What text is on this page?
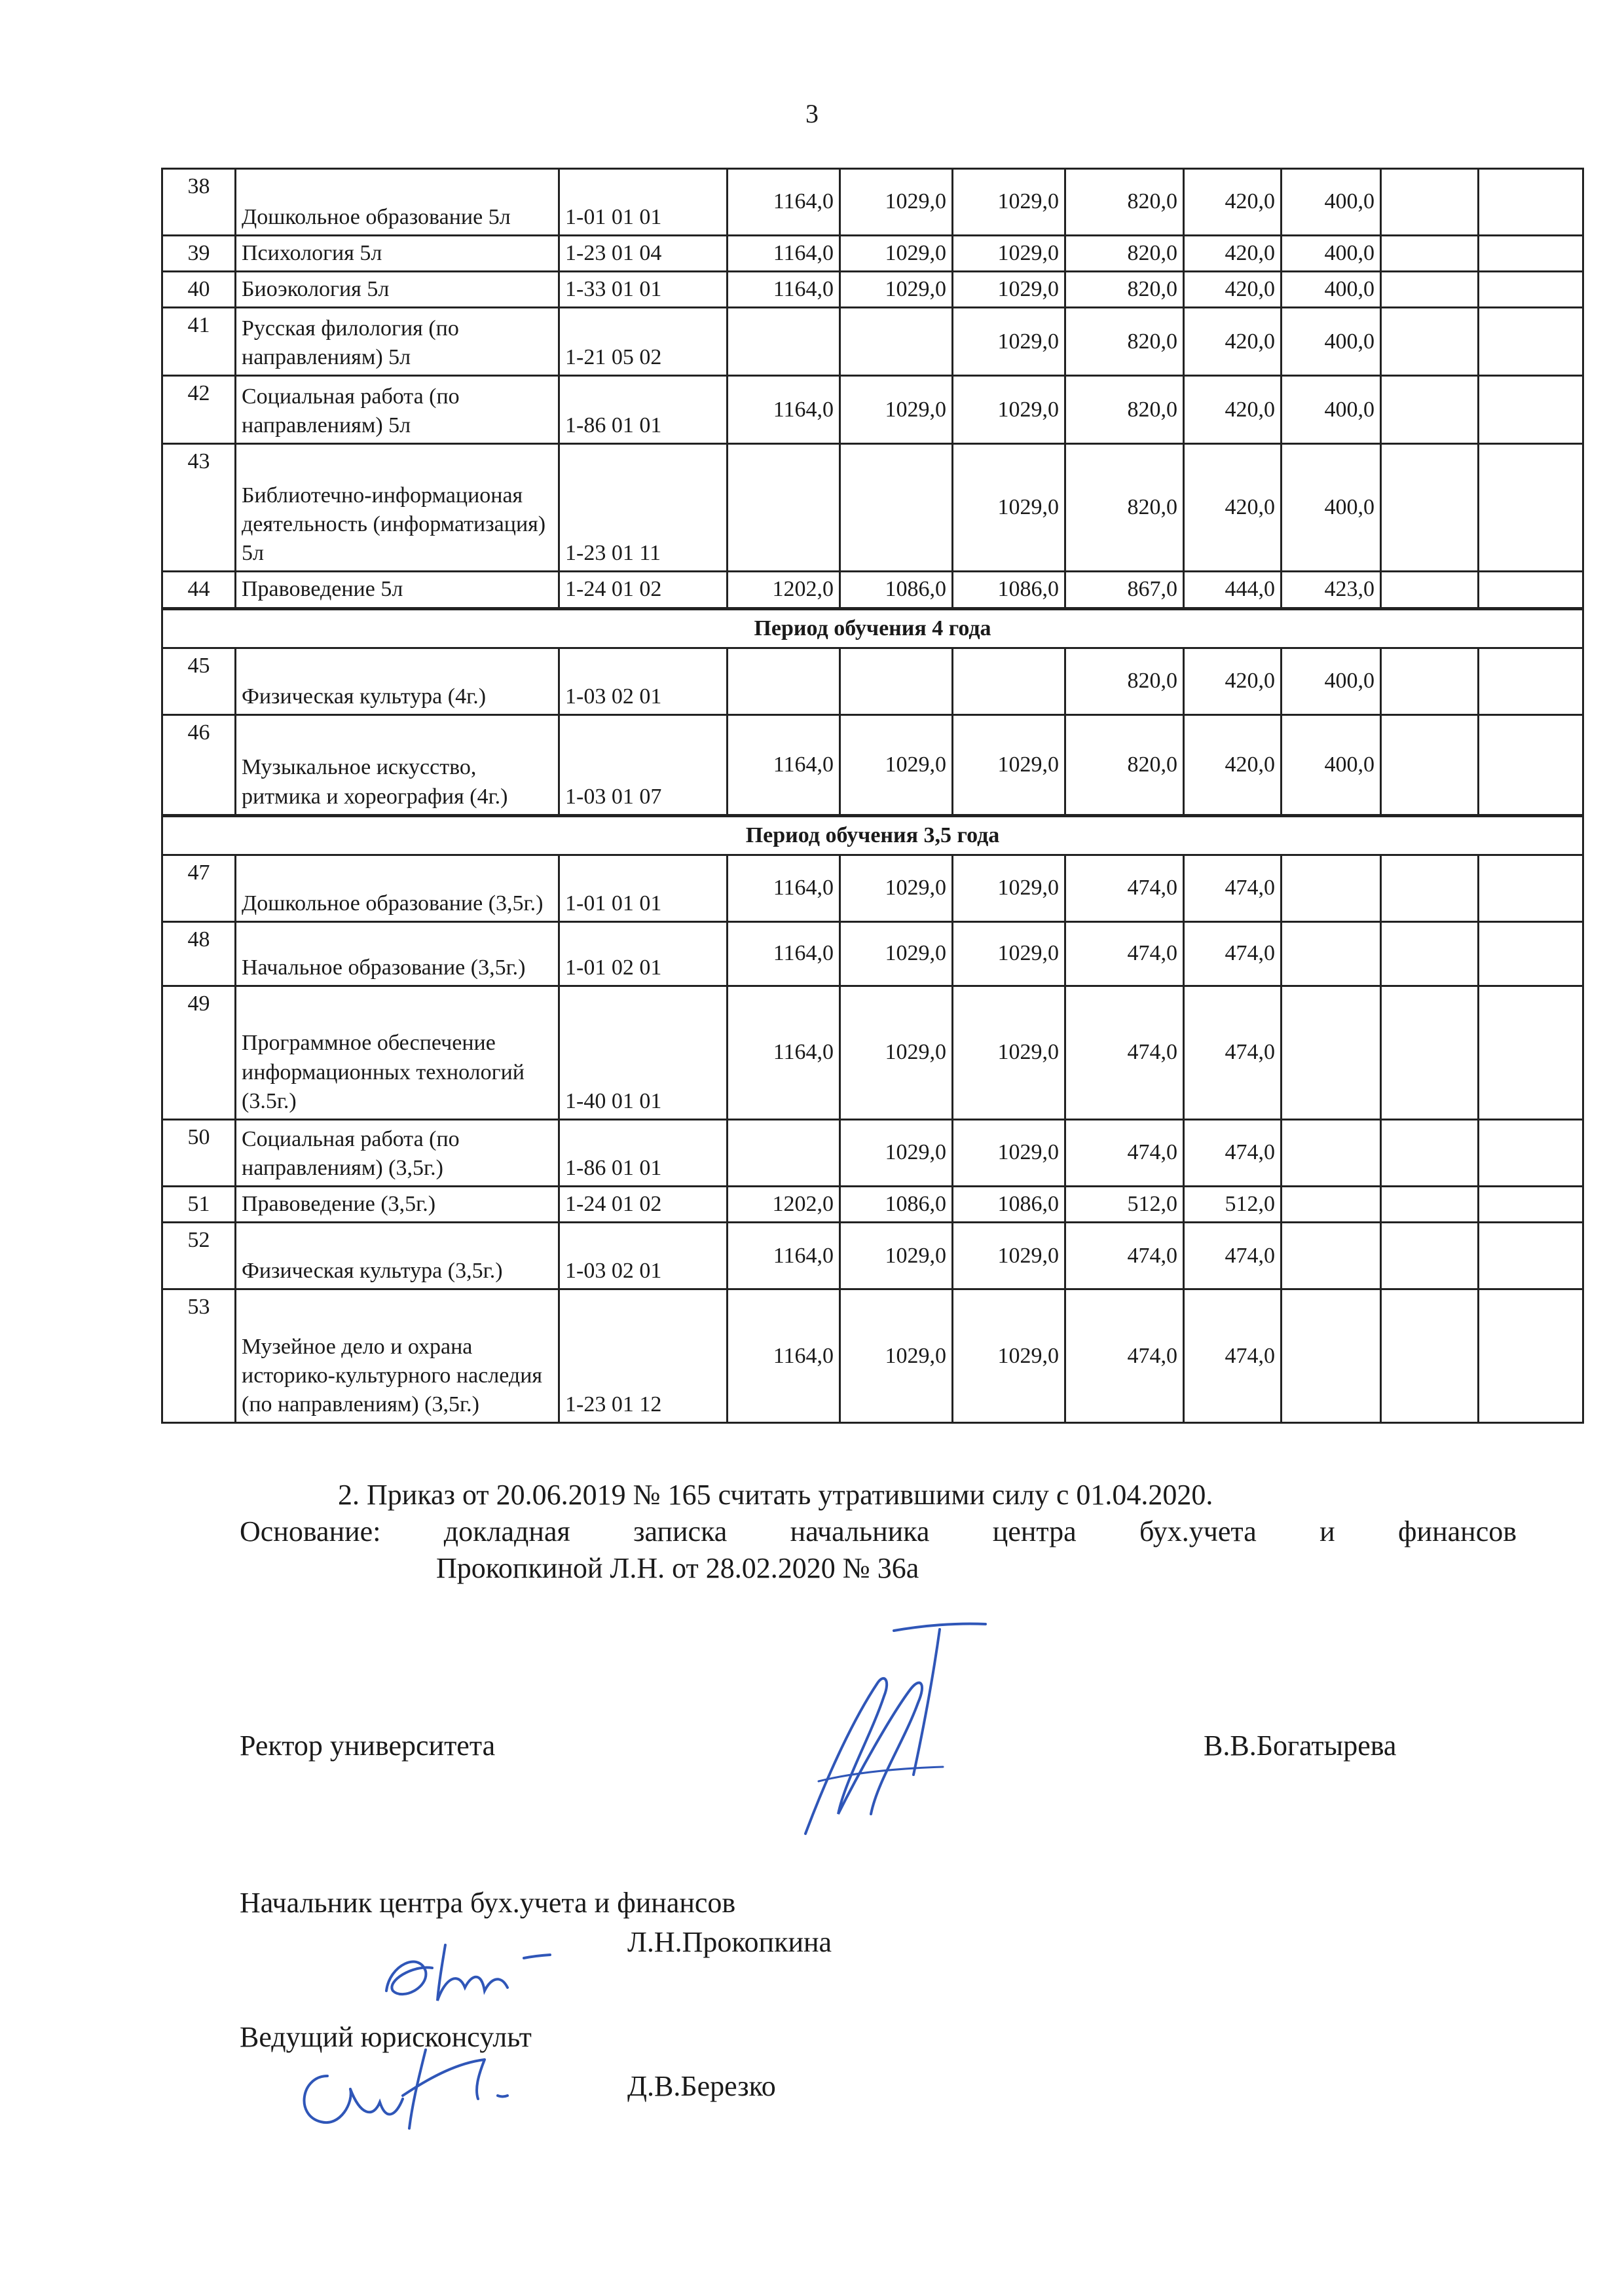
3
38	Дошкольное образование 5л	1-01 01 01	1164,0	1029,0	1029,0	820,0	420,0	400,0		
39	Психология 5л	1-23 01 04	1164,0	1029,0	1029,0	820,0	420,0	400,0		
40	Биоэкология 5л	1-33 01 01	1164,0	1029,0	1029,0	820,0	420,0	400,0		
41	Русская филология (по направлениям) 5л	1-21 05 02			1029,0	820,0	420,0	400,0		
42	Социальная работа (по направлениям) 5л	1-86 01 01	1164,0	1029,0	1029,0	820,0	420,0	400,0		
43	Библиотечно-информационая деятельность (информатизация) 5л	1-23 01 11			1029,0	820,0	420,0	400,0		
44	Правоведение 5л	1-24 01 02	1202,0	1086,0	1086,0	867,0	444,0	423,0		
Период обучения 4 года										
45	Физическая культура (4г.)	1-03 02 01				820,0	420,0	400,0		
46	Музыкальное искусство, ритмика и хореография (4г.)	1-03 01 07	1164,0	1029,0	1029,0	820,0	420,0	400,0		
Период обучения 3,5 года										
47	Дошкольное образование (3,5г.)	1-01 01 01	1164,0	1029,0	1029,0	474,0	474,0			
48	Начальное образование (3,5г.)	1-01 02 01	1164,0	1029,0	1029,0	474,0	474,0			
49	Программное обеспечение информационных технологий (3.5г.)	1-40 01 01	1164,0	1029,0	1029,0	474,0	474,0			
50	Социальная работа (по направлениям) (3,5г.)	1-86 01 01		1029,0	1029,0	474,0	474,0			
51	Правоведение (3,5г.)	1-24 01 02	1202,0	1086,0	1086,0	512,0	512,0			
52	Физическая культура (3,5г.)	1-03 02 01	1164,0	1029,0	1029,0	474,0	474,0			
53	Музейное дело и охрана историко-культурного наследия (по направлениям) (3,5г.)	1-23 01 12	1164,0	1029,0	1029,0	474,0	474,0			
2. Приказ от 20.06.2019 № 165 считать утратившими силу с 01.04.2020.
Основание: докладная записка начальника центра бух.учета и финансов
Прокопкиной Л.Н. от 28.02.2020 № 36а
Ректор университета	В.В.Богатырева
Начальник центра бух.учета и финансов
Л.Н.Прокопкина
Ведущий юрисконсульт
Д.В.Березко
